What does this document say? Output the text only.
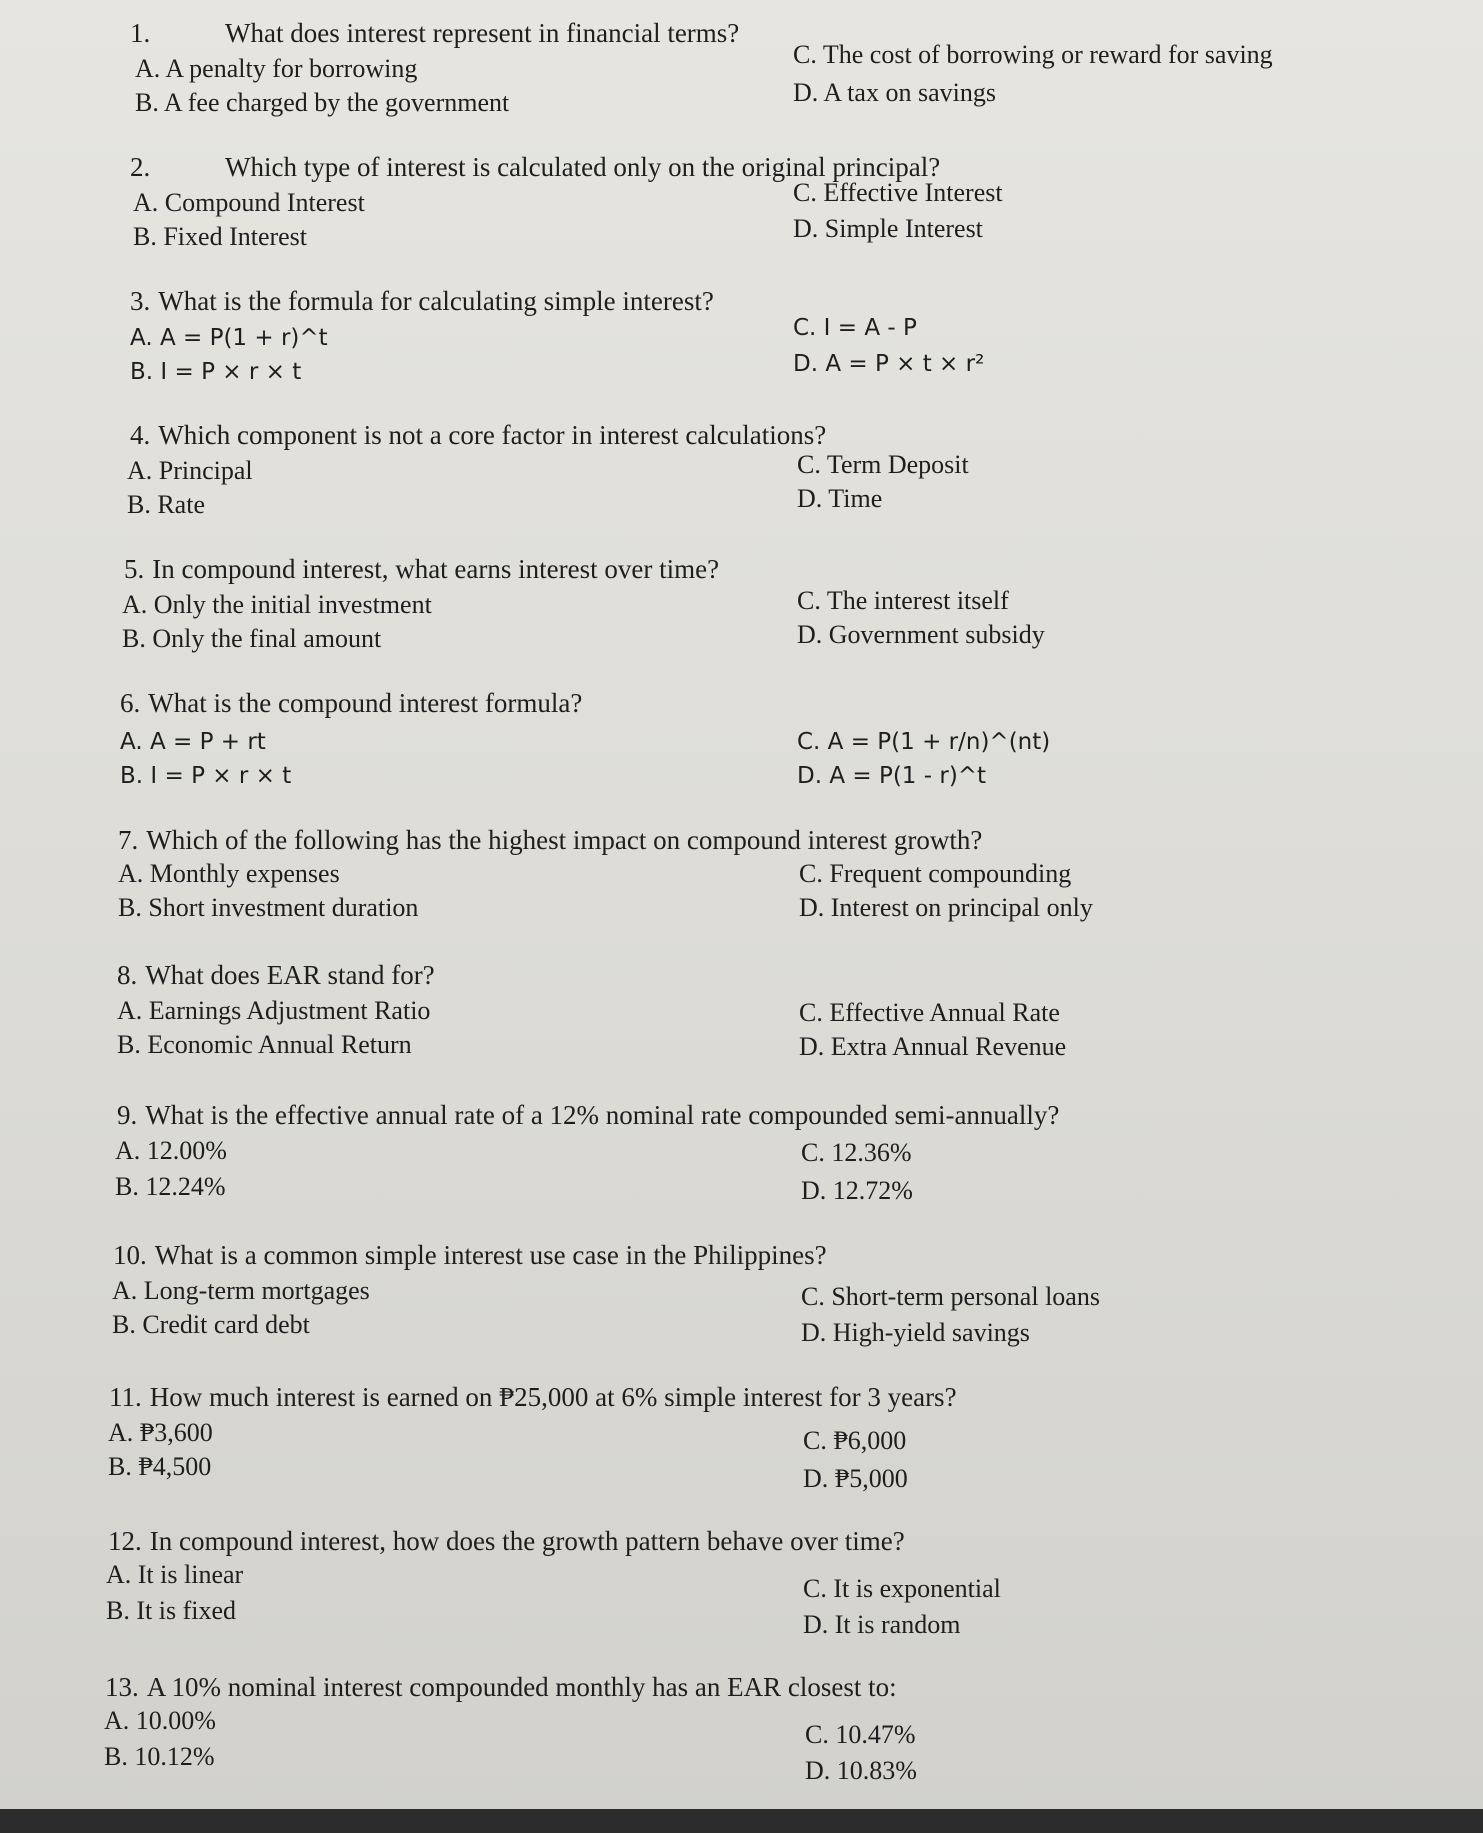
1.	What does interest represent in financial terms?
A. A penalty for borrowing
B. A fee charged by the government
C. The cost of borrowing or reward for saving
D. A tax on savings
2.	Which type of interest is calculated only on the original principal?
A. Compound Interest
B. Fixed Interest
C. Effective Interest
D. Simple Interest
3. What is the formula for calculating simple interest?
A. A = P(1 + r)^t
B. I = P × r × t
C. I = A - P
D. A = P × t × r²
4. Which component is not a core factor in interest calculations?
A. Principal
B. Rate
C. Term Deposit
D. Time
5. In compound interest, what earns interest over time?
A. Only the initial investment
B. Only the final amount
C. The interest itself
D. Government subsidy
6. What is the compound interest formula?
A. A = P + rt
B. I = P × r × t
C. A = P(1 + r/n)^(nt)
D. A = P(1 - r)^t
7. Which of the following has the highest impact on compound interest growth?
A. Monthly expenses
B. Short investment duration
C. Frequent compounding
D. Interest on principal only
8. What does EAR stand for?
A. Earnings Adjustment Ratio
B. Economic Annual Return
C. Effective Annual Rate
D. Extra Annual Revenue
9. What is the effective annual rate of a 12% nominal rate compounded semi-annually?
A. 12.00%
B. 12.24%
C. 12.36%
D. 12.72%
10. What is a common simple interest use case in the Philippines?
A. Long-term mortgages
B. Credit card debt
C. Short-term personal loans
D. High-yield savings
11. How much interest is earned on ₱25,000 at 6% simple interest for 3 years?
A. ₱3,600
B. ₱4,500
C. ₱6,000
D. ₱5,000
12. In compound interest, how does the growth pattern behave over time?
A. It is linear
B. It is fixed
C. It is exponential
D. It is random
13. A 10% nominal interest compounded monthly has an EAR closest to:
A. 10.00%
B. 10.12%
C. 10.47%
D. 10.83%
